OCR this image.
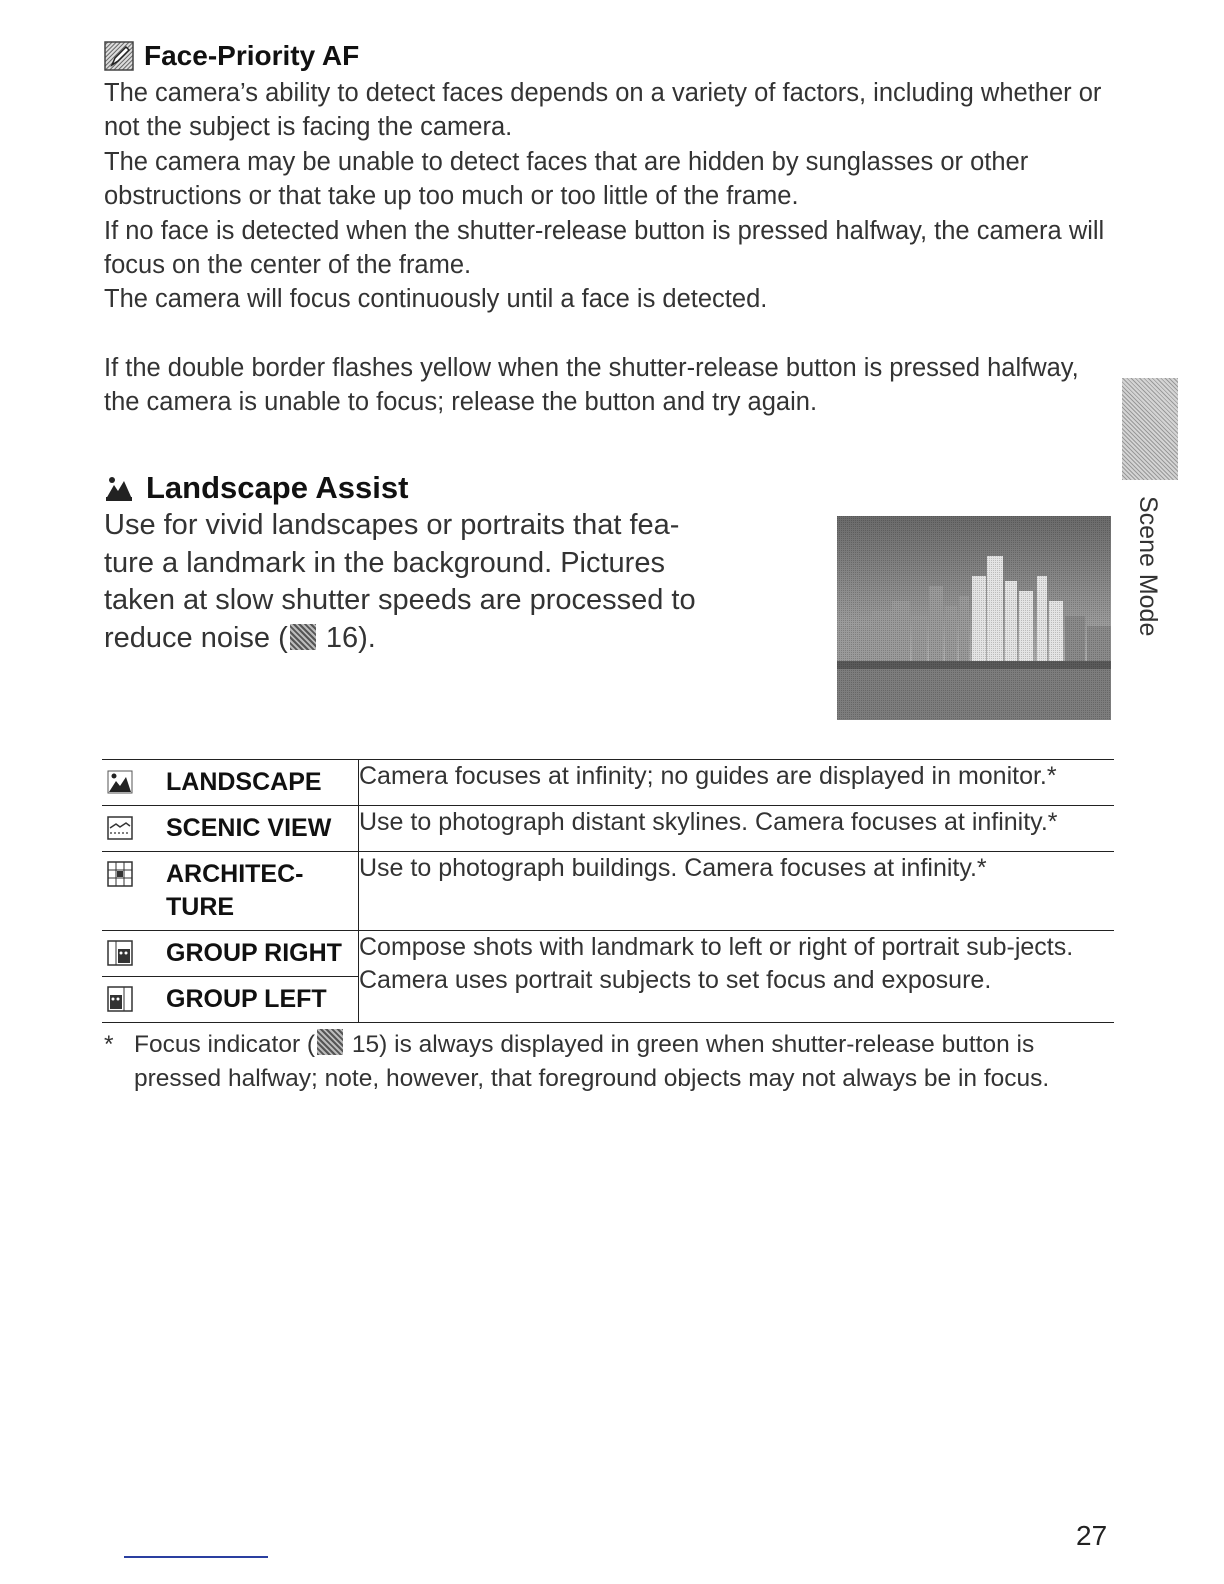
Face-Priority AF

The camera’s ability to detect faces depends on a variety of factors, including whether or not the subject is facing the camera.

The camera may be unable to detect faces that are hidden by sunglasses or other obstructions or that take up too much or too little of the frame.

If no face is detected when the shutter-release button is pressed halfway, the camera will focus on the center of the frame.

The camera will focus continuously until a face is detected.

If the double border flashes yellow when the shutter-release button is pressed halfway, the camera is unable to focus; release the button and try again.

Scene Mode
Landscape Assist

Use for vivid landscapes or portraits that fea-ture a landmark in the background. Pictures taken at slow shutter speeds are processed to reduce noise ( 16).

LANDSCAPE	Camera focuses at infinity; no guides are displayed in monitor.*

SCENIC VIEW	Use to photograph distant skylines. Camera focuses at infinity.*

ARCHITEC-TURE	Use to photograph buildings. Camera focuses at infinity.*

GROUP RIGHT	Compose shots with landmark to left or right of portrait sub-jects. Camera uses portrait subjects to set focus and exposure.

GROUP LEFT	
* Focus indicator ( 15) is always displayed in green when shutter-release button is pressed halfway; note, however, that foreground objects may not always be in focus.
27
